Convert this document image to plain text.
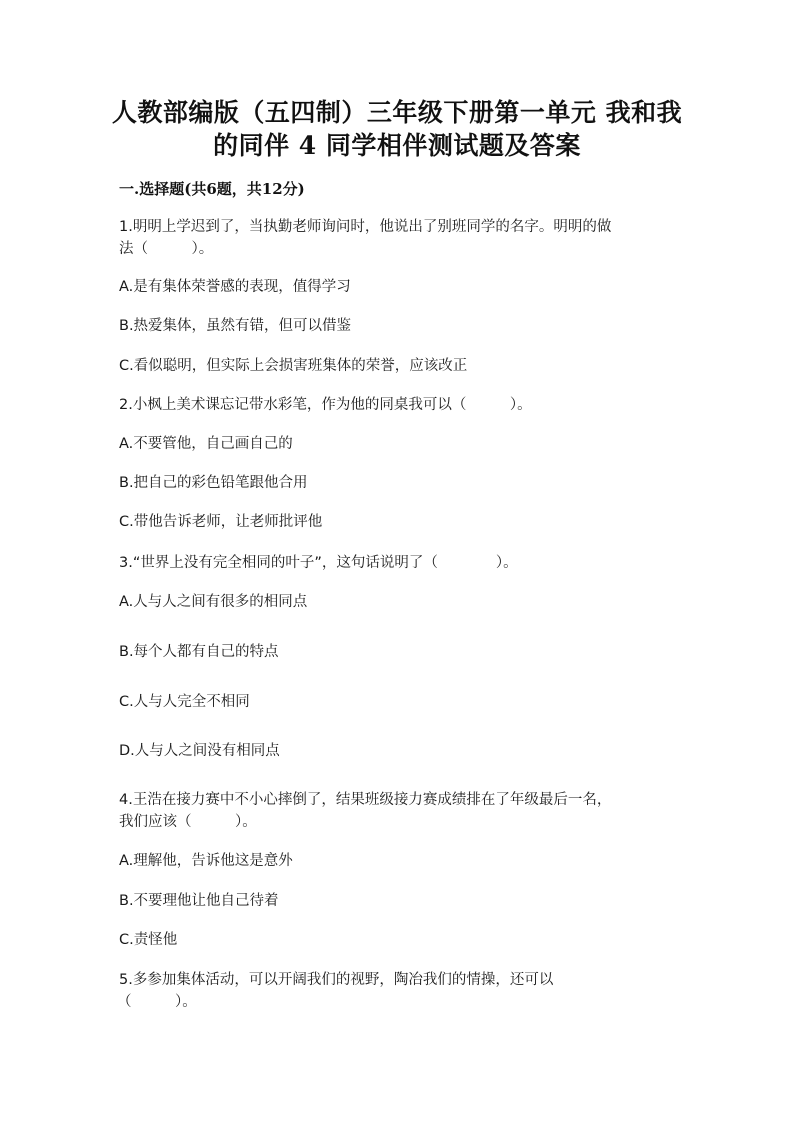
人教部编版（五四制）三年级下册第一单元 我和我
的同伴 4 同学相伴测试题及答案
一.选择题(共6题，共12分)
1.明明上学迟到了，当执勤老师询问时，他说出了别班同学的名字。明明的做
法（　　　）。
A.是有集体荣誉感的表现，值得学习
B.热爱集体，虽然有错，但可以借鉴
C.看似聪明，但实际上会损害班集体的荣誉，应该改正
2.小枫上美术课忘记带水彩笔，作为他的同桌我可以（　　　）。
A.不要管他，自己画自己的
B.把自己的彩色铅笔跟他合用
C.带他告诉老师，让老师批评他
3.“世界上没有完全相同的叶子”，这句话说明了（　　　　）。
A.人与人之间有很多的相同点
B.每个人都有自己的特点
C.人与人完全不相同
D.人与人之间没有相同点
4.王浩在接力赛中不小心摔倒了，结果班级接力赛成绩排在了年级最后一名，
我们应该（　　　）。
A.理解他，告诉他这是意外
B.不要理他让他自己待着
C.责怪他
5.多参加集体活动，可以开阔我们的视野，陶冶我们的情操，还可以
（　　　）。
